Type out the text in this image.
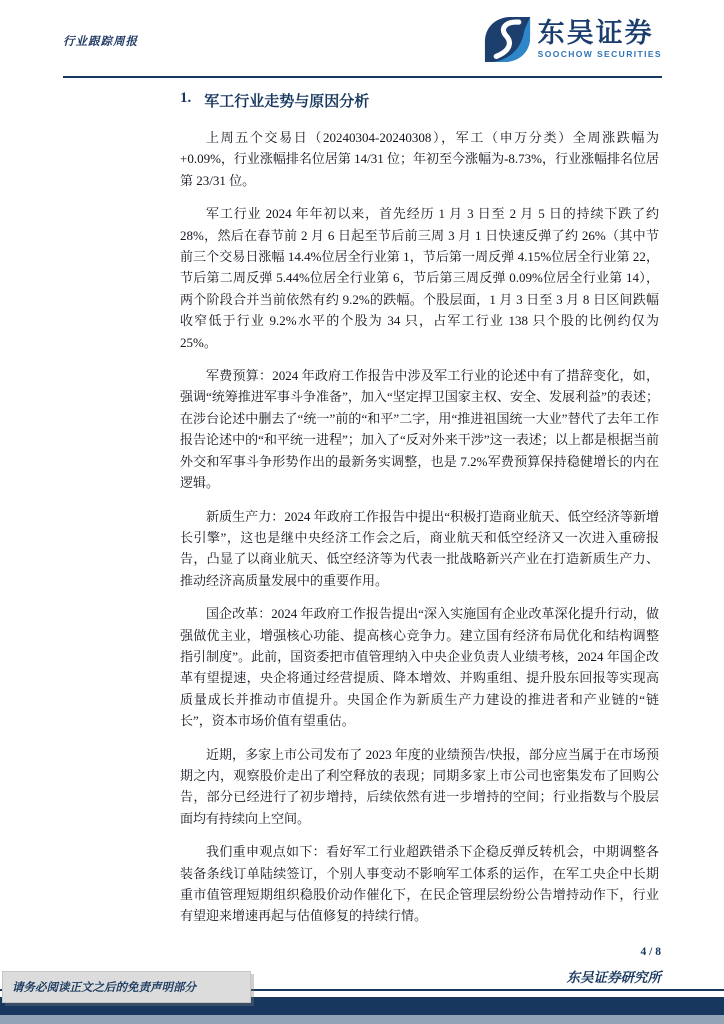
行业跟踪周报	东吴证券
SOOCHOW SECURITIES
1. 军工行业走势与原因分析

上周五个交易日（20240304-20240308），军工（申万分类）全周涨跌幅为+0.09%，行业涨幅排名位居第 14/31 位；年初至今涨幅为-8.73%，行业涨幅排名位居第 23/31 位。

军工行业 2024 年年初以来，首先经历 1 月 3 日至 2 月 5 日的持续下跌了约 28%，然后在春节前 2 月 6 日起至节后前三周 3 月 1 日快速反弹了约 26%（其中节前三个交易日涨幅 14.4%位居全行业第 1，节后第一周反弹 4.15%位居全行业第 22，节后第二周反弹 5.44%位居全行业第 6，节后第三周反弹 0.09%位居全行业第 14），两个阶段合并当前依然有约 9.2%的跌幅。个股层面，1 月 3 日至 3 月 8 日区间跌幅收窄低于行业 9.2%水平的个股为 34 只，占军工行业 138 只个股的比例约仅为 25%。

军费预算：2024 年政府工作报告中涉及军工行业的论述中有了措辞变化，如，强调“统筹推进军事斗争准备”，加入“坚定捍卫国家主权、安全、发展利益”的表述；在涉台论述中删去了“统一”前的“和平”二字，用“推进祖国统一大业”替代了去年工作报告论述中的“和平统一进程”；加入了“反对外来干涉”这一表述；以上都是根据当前外交和军事斗争形势作出的最新务实调整，也是 7.2%军费预算保持稳健增长的内在逻辑。

新质生产力：2024 年政府工作报告中提出“积极打造商业航天、低空经济等新增长引擎”，这也是继中央经济工作会之后，商业航天和低空经济又一次进入重磅报告，凸显了以商业航天、低空经济等为代表一批战略新兴产业在打造新质生产力、推动经济高质量发展中的重要作用。

国企改革：2024 年政府工作报告提出“深入实施国有企业改革深化提升行动，做强做优主业，增强核心功能、提高核心竞争力。建立国有经济布局优化和结构调整指引制度”。此前，国资委把市值管理纳入中央企业负责人业绩考核，2024 年国企改革有望提速，央企将通过经营提质、降本增效、并购重组、提升股东回报等实现高质量成长并推动市值提升。央国企作为新质生产力建设的推进者和产业链的“链长”，资本市场价值有望重估。

近期，多家上市公司发布了 2023 年度的业绩预告/快报，部分应当属于在市场预期之内，观察股价走出了利空释放的表现；同期多家上市公司也密集发布了回购公告，部分已经进行了初步增持，后续依然有进一步增持的空间；行业指数与个股层面均有持续向上空间。

我们重申观点如下：看好军工行业超跌错杀下企稳反弹反转机会，中期调整各装备条线订单陆续签订，个别人事变动不影响军工体系的运作，在军工央企中长期重市值管理短期组织稳股价动作催化下，在民企管理层纷纷公告增持动作下，行业有望迎来增速再起与估值修复的持续行情。

4 / 8
东吴证券研究所
请务必阅读正文之后的免责声明部分
